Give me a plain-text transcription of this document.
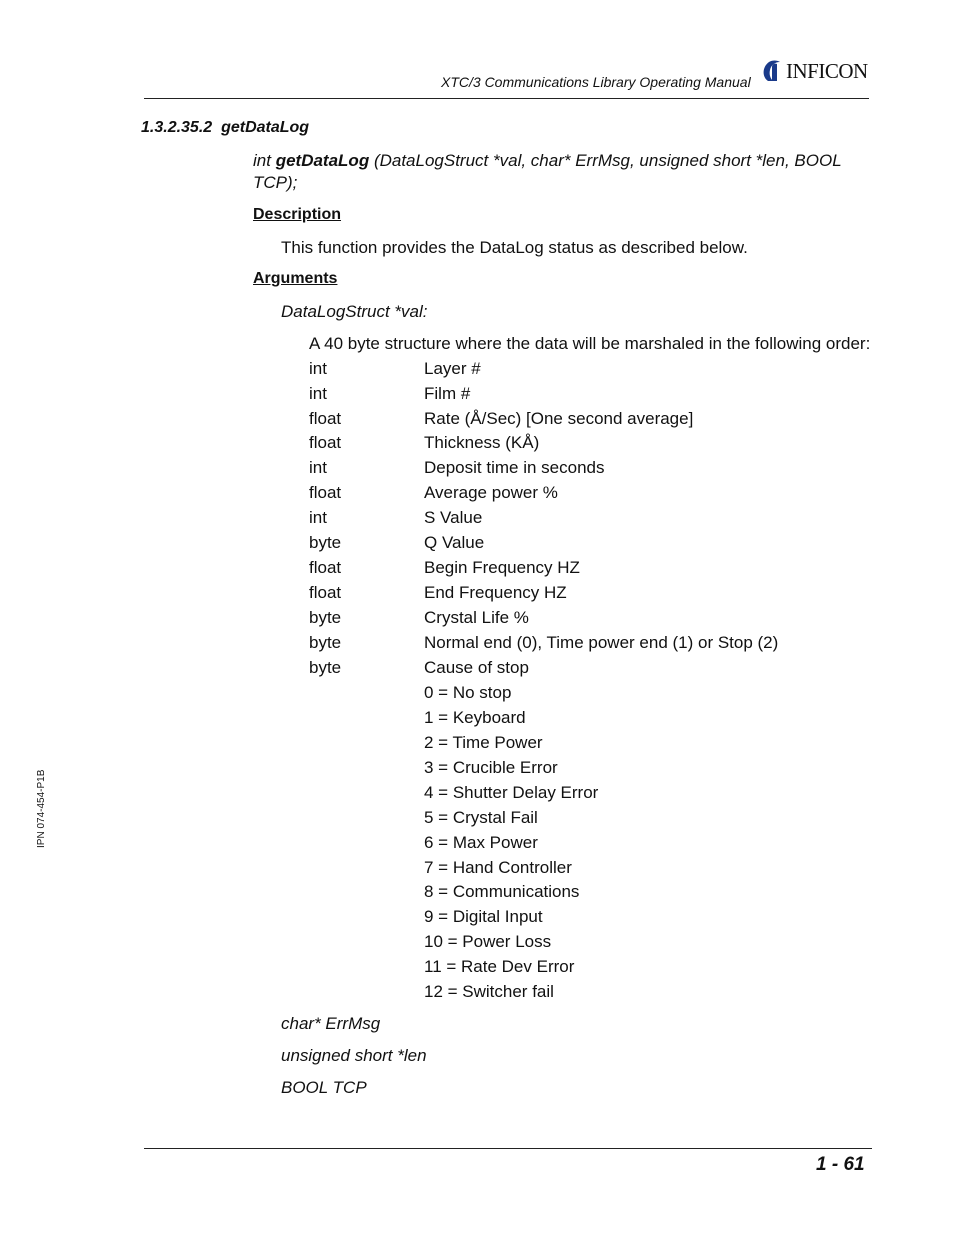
XTC/3 Communications Library Operating Manual INFICON
1.3.2.35.2 getDataLog
int getDataLog (DataLogStruct *val, char* ErrMsg, unsigned short *len, BOOL TCP);
Description
This function provides the DataLog status as described below.
Arguments
DataLogStruct *val:
A 40 byte structure where the data will be marshaled in the following order:
int	Layer #
int	Film #
float	Rate (Å/Sec) [One second average]
float	Thickness (KÅ)
int	Deposit time in seconds
float	Average power %
int	S Value
byte	Q Value
float	Begin Frequency HZ
float	End Frequency HZ
byte	Crystal Life %
byte	Normal end (0), Time power end (1) or Stop (2)
byte	Cause of stop
0 = No stop
1 = Keyboard
2 = Time Power
3 = Crucible Error
4 = Shutter Delay Error
5 = Crystal Fail
6 = Max Power
7 = Hand Controller
8 = Communications
9 = Digital Input
10 = Power Loss
11 = Rate Dev Error
12 = Switcher fail
char* ErrMsg
unsigned short *len
BOOL TCP
IPN 074-454-P1B
1 - 61
